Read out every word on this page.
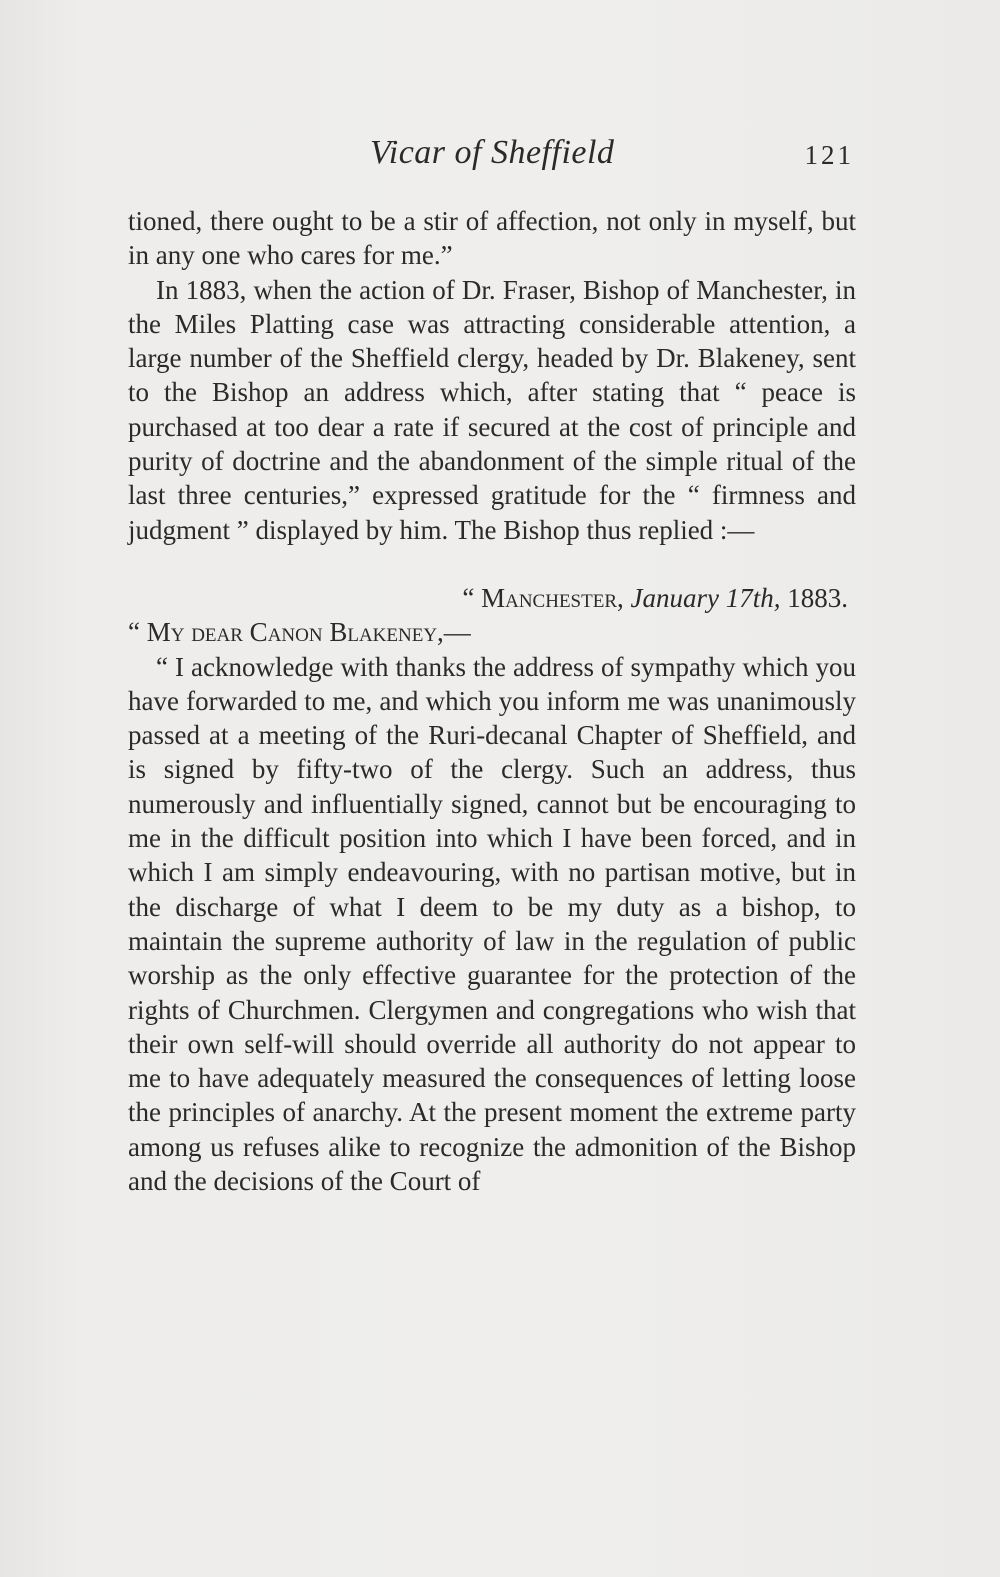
Vicar of Sheffield	121

tioned, there ought to be a stir of affection, not only in myself, but in any one who cares for me.”

In 1883, when the action of Dr. Fraser, Bishop of Manchester, in the Miles Platting case was attracting considerable attention, a large number of the Sheffield clergy, headed by Dr. Blakeney, sent to the Bishop an address which, after stating that “ peace is purchased at too dear a rate if secured at the cost of principle and purity of doctrine and the abandonment of the simple ritual of the last three centuries,” expressed gratitude for the “ firmness and judgment ” displayed by him. The Bishop thus replied :—

“ Manchester, January 17th, 1883.

“ My dear Canon Blakeney,—

“ I acknowledge with thanks the address of sympathy which you have forwarded to me, and which you inform me was unanimously passed at a meeting of the Ruri-decanal Chapter of Sheffield, and is signed by fifty-two of the clergy. Such an address, thus numerously and influentially signed, cannot but be encouraging to me in the difficult position into which I have been forced, and in which I am simply endeavouring, with no partisan motive, but in the discharge of what I deem to be my duty as a bishop, to maintain the supreme authority of law in the regulation of public worship as the only effective guarantee for the protection of the rights of Churchmen. Clergymen and congregations who wish that their own self-will should override all authority do not appear to me to have adequately measured the consequences of letting loose the principles of anarchy. At the present moment the extreme party among us refuses alike to recognize the admonition of the Bishop and the decisions of the Court of
